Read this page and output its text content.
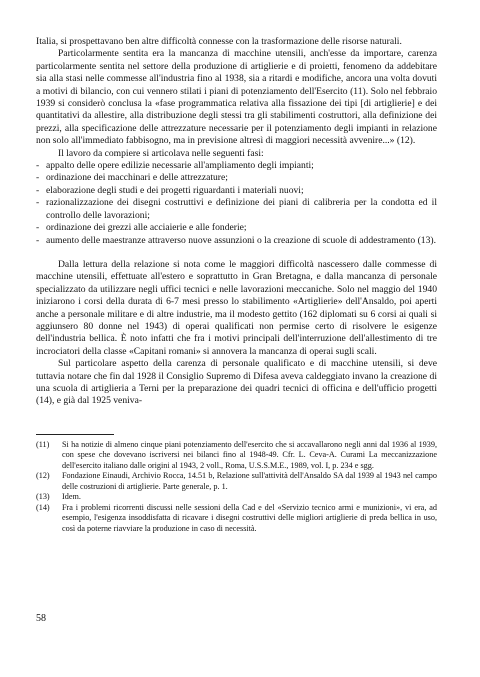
Italia, si prospettavano ben altre difficoltà connesse con la trasformazione delle risorse naturali.

Particolarmente sentita era la mancanza di macchine utensili, anch'esse da importare, carenza particolarmente sentita nel settore della produzione di artiglierie e di proietti, fenomeno da addebitare sia alla stasi nelle commesse all'industria fino al 1938, sia a ritardi e modifiche, ancora una volta dovuti a motivi di bilancio, con cui vennero stilati i piani di potenziamento dell'Esercito (11). Solo nel febbraio 1939 si considerò conclusa la «fase programmatica relativa alla fissazione dei tipi [di artiglierie] e dei quantitativi da allestire, alla distribuzione degli stessi tra gli stabilimenti costruttori, alla definizione dei prezzi, alla specificazione delle attrezzature necessarie per il potenziamento degli impianti in relazione non solo all'immediato fabbisogno, ma in previsione altresì di maggiori necessità avvenire...» (12).

Il lavoro da compiere si articolava nelle seguenti fasi:

- appalto delle opere edilizie necessarie all'ampliamento degli impianti;
- ordinazione dei macchinari e delle attrezzature;
- elaborazione degli studi e dei progetti riguardanti i materiali nuovi;
- razionalizzazione dei disegni costruttivi e definizione dei piani di calibreria per la condotta ed il controllo delle lavorazioni;
- ordinazione dei grezzi alle acciaierie e alle fonderie;
- aumento delle maestranze attraverso nuove assunzioni o la creazione di scuole di addestramento (13).

Dalla lettura della relazione si nota come le maggiori difficoltà nascessero dalle commesse di macchine utensili, effettuate all'estero e soprattutto in Gran Bretagna, e dalla mancanza di personale specializzato da utilizzare negli uffici tecnici e nelle lavorazioni meccaniche. Solo nel maggio del 1940 iniziarono i corsi della durata di 6-7 mesi presso lo stabilimento «Artiglierie» dell'Ansaldo, poi aperti anche a personale militare e di altre industrie, ma il modesto gettito (162 diplomati su 6 corsi ai quali si aggiunsero 80 donne nel 1943) di operai qualificati non permise certo di risolvere le esigenze dell'industria bellica. È noto infatti che fra i motivi principali dell'interruzione dell'allestimento di tre incrociatori della classe «Capitani romani» si annovera la mancanza di operai sugli scali.

Sul particolare aspetto della carenza di personale qualificato e di macchine utensili, si deve tuttavia notare che fin dal 1928 il Consiglio Supremo di Difesa aveva caldeggiato invano la creazione di una scuola di artiglieria a Terni per la preparazione dei quadri tecnici di officina e dell'ufficio progetti (14), e già dal 1925 veniva-

(11)	Si ha notizie di almeno cinque piani potenziamento dell'esercito che si accavallarono negli anni dal 1936 al 1939, con spese che dovevano iscriversi nei bilanci fino al 1948-49. Cfr. L. Ceva-A. Curami La meccanizzazione dell'esercito italiano dalle origini al 1943, 2 voll., Roma, U.S.S.M.E., 1989, vol. I, p. 234 e sgg.
(12)	Fondazione Einaudi, Archivio Rocca, 14.51 b, Relazione sull'attività dell'Ansaldo SA dal 1939 al 1943 nel campo delle costruzioni di artiglierie. Parte generale, p. 1.
(13)	Idem.
(14)	Fra i problemi ricorrenti discussi nelle sessioni della Cad e del «Servizio tecnico armi e munizioni», vi era, ad esempio, l'esigenza insoddisfatta di ricavare i disegni costruttivi delle migliori artiglierie di preda bellica in uso, così da poterne riavviare la produzione in caso di necessità.
58
